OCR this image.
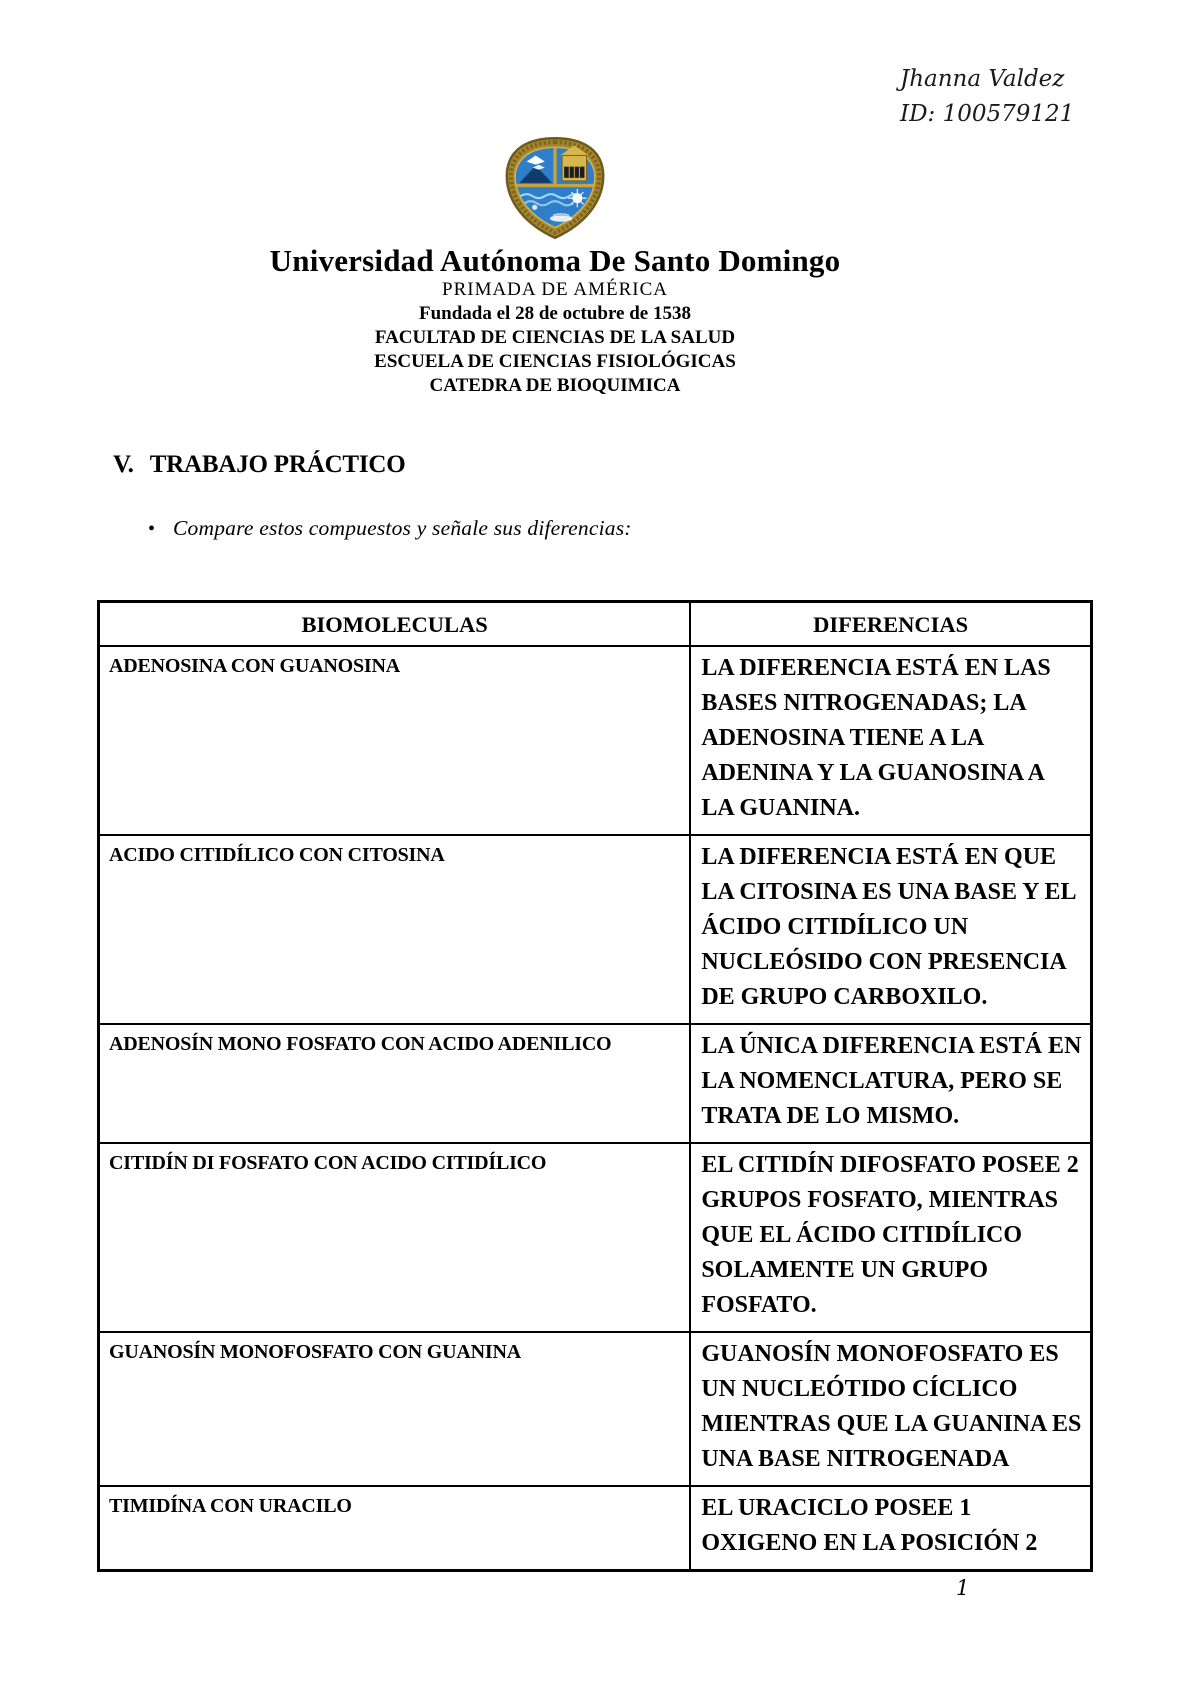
Jhanna Valdez
ID: 100579121
Universidad Autónoma De Santo Domingo
PRIMADA DE AMÉRICA
Fundada el 28 de octubre de 1538
FACULTAD DE CIENCIAS DE LA SALUD
ESCUELA DE CIENCIAS FISIOLÓGICAS
CATEDRA DE BIOQUIMICA
V. TRABAJO PRÁCTICO
• Compare estos compuestos y señale sus diferencias:
BIOMOLECULAS	DIFERENCIAS
ADENOSINA CON GUANOSINA	LA DIFERENCIA ESTÁ EN LAS BASES NITROGENADAS; LA ADENOSINA TIENE A LA ADENINA Y LA GUANOSINA A LA GUANINA.
ACIDO CITIDÍLICO CON CITOSINA	LA DIFERENCIA ESTÁ EN QUE LA CITOSINA ES UNA BASE Y EL ÁCIDO CITIDÍLICO UN NUCLEÓSIDO CON PRESENCIA DE GRUPO CARBOXILO.
ADENOSÍN MONO FOSFATO CON ACIDO ADENILICO	LA ÚNICA DIFERENCIA ESTÁ EN LA NOMENCLATURA, PERO SE TRATA DE LO MISMO.
CITIDÍN DI FOSFATO CON ACIDO CITIDÍLICO	EL CITIDÍN DIFOSFATO POSEE 2 GRUPOS FOSFATO, MIENTRAS QUE EL ÁCIDO CITIDÍLICO SOLAMENTE UN GRUPO FOSFATO.
GUANOSÍN MONOFOSFATO CON GUANINA	GUANOSÍN MONOFOSFATO ES UN NUCLEÓTIDO CÍCLICO MIENTRAS QUE LA GUANINA ES UNA BASE NITROGENADA
TIMIDÍNA CON URACILO	EL URACICLO POSEE 1 OXIGENO EN LA POSICIÓN 2
1
